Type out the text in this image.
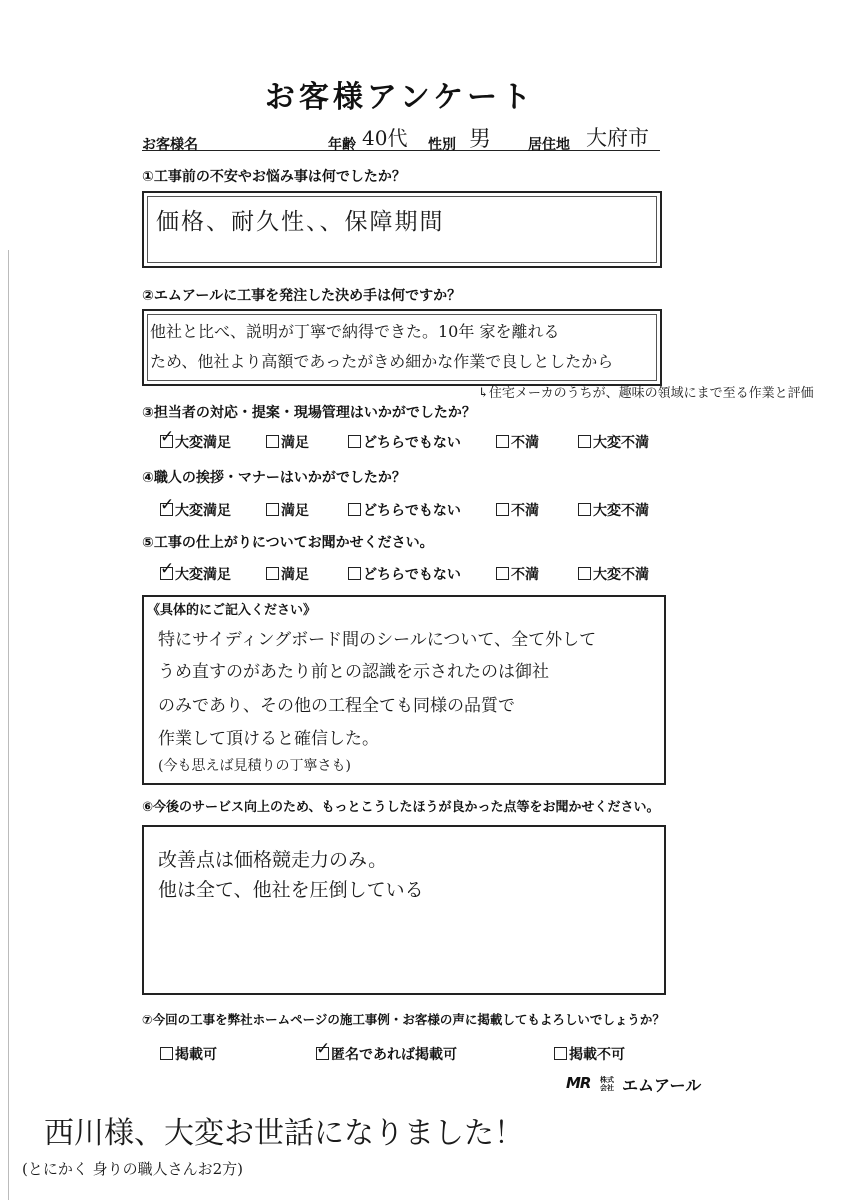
お客様アンケート
お客様名	年齢 40代 性別 男	居住地 大府市
①工事前の不安やお悩み事は何でしたか？
価格、耐久性、、保障期間
②エムアールに工事を発注した決め手は何ですか？
他社と比べ、説明が丁寧で納得できた。10年 家を離れる
ため、他社より高額であったがきめ細かな作業で良しとしたから
↳住宅メーカのうちが、趣味の領域にまで至る作業と評価
③担当者の対応・提案・現場管理はいかがでしたか？
✓大変満足	満足	どちらでもない	不満	大変不満
④職人の挨拶・マナーはいかがでしたか？
✓大変満足	満足	どちらでもない	不満	大変不満
⑤工事の仕上がりについてお聞かせください。
✓大変満足	満足	どちらでもない	不満	大変不満
《具体的にご記入ください》
特にサイディングボード間のシールについて、全て外して
うめ直すのがあたり前との認識を示されたのは御社
のみであり、その他の工程全ても同様の品質で
作業して頂けると確信した。
(今も思えば見積りの丁寧さも)
⑥今後のサービス向上のため、もっとこうしたほうが良かった点等をお聞かせください。
改善点は価格競走力のみ。
他は全て、他社を圧倒している
⑦今回の工事を弊社ホームページの施工事例・お客様の声に掲載してもよろしいでしょうか？
掲載可
✓	匿名であれば掲載可	掲載不可
MR 株式会社 エムアール
西川様、大変お世話になりました！
(とにかく 身りの職人さんお2方)
